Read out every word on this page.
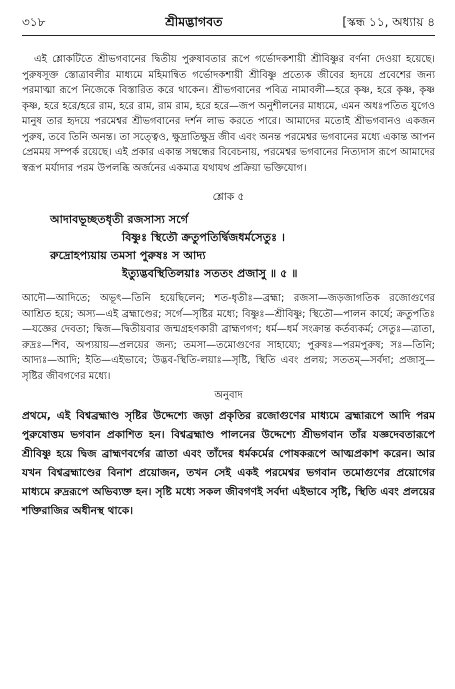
৩১৮	শ্রীমদ্ভাগবত	[স্কন্ধ ১১, অধ্যায় ৪

এই শ্লোকটিতে শ্রীভগবানের দ্বিতীয় পুরুষাবতার রূপে গর্ভোদকশায়ী শ্রীবিষ্ণুর বর্ণনা দেওয়া হয়েছে। পুরুষসূক্ত স্তোত্রাবলীর মাধ্যমে মহিমান্বিত গর্ভোদকশায়ী শ্রীবিষ্ণু প্রত্যেক জীবের হৃদয়ে প্রবেশের জন্য পরমাত্মা রূপে নিজেকে বিস্তারিত করে থাকেন। শ্রীভগবানের পবিত্র নামাবলী—হরে কৃষ্ণ, হরে কৃষ্ণ, কৃষ্ণ কৃষ্ণ, হরে হরে/হরে রাম, হরে রাম, রাম রাম, হরে হরে—জপ অনুশীলনের মাধ্যমে, এমন অধঃপতিত যুগেও মানুষ তার হৃদয়ে পরমেশ্বর শ্রীভগবানের দর্শন লাভ করতে পারে। আমাদের মতোই শ্রীভগবানও একজন পুরুষ, তবে তিনি অনন্ত। তা সত্ত্বেও, ক্ষুদ্রাতিক্ষুদ্র জীব এবং অনন্ত পরমেশ্বর ভগবানের মধ্যে একান্ত আপন প্রেমময় সম্পর্ক রয়েছে। এই প্রকার একান্ত সম্বন্ধের বিবেচনায়, পরমেশ্বর ভগবানের নিত্যদাস রূপে আমাদের স্বরূপ মর্যাদার পরম উপলব্ধি অর্জনের একমাত্র যথাযথ প্রক্রিয়া ভক্তিযোগ।

শ্লোক ৫
আদাবভূচ্ছতধৃতী রজসাস্য সর্গে
বিষ্ণুঃ স্থিতৌ ক্রতুপতির্দ্বিজধর্মসেতুঃ ।
রুদ্রোহপ্যয়ায় তমসা পুরুষঃ স আদ্য
ইত্যুদ্ভবস্থিতিলয়াঃ সততং প্রজাসু ॥ ৫ ॥

আদৌ—আদিতে; অভূৎ—তিনি হয়েছিলেন; শত-ধৃতীঃ—ব্রহ্মা; রজসা—জড়জাগতিক রজোগুণের আশ্রিত হয়ে; অস্য—এই ব্রহ্মাণ্ডের; সর্গে—সৃষ্টির মধ্যে; বিষ্ণুঃ—শ্রীবিষ্ণু; স্থিতৌ—পালন কার্যে; ক্রতুপতিঃ—যজ্ঞের দেবতা; দ্বিজ—দ্বিতীয়বার জন্মগ্রহণকারী ব্রাহ্মণগণ; ধর্ম—ধর্ম সংক্রান্ত কর্তব্যকর্ম; সেতুঃ—ত্রাতা, রুদ্রঃ—শিব, অপ্যয়ায়—প্রলয়ের জন্য; তমসা—তমোগুণের সাহায্যে; পুরুষঃ—পরমপুরুষ; সঃ—তিনি; আদ্যঃ—আদি; ইতি—এইভাবে; উদ্ভব-স্থিতি-লয়াঃ—সৃষ্টি, স্থিতি এবং প্রলয়; সততম্—সর্বদা; প্রজাসু—সৃষ্টির জীবগণের মধ্যে।

অনুবাদ

প্রথমে, এই বিশ্বব্রহ্মাণ্ড সৃষ্টির উদ্দেশ্যে জড়া প্রকৃতির রজোগুণের মাধ্যমে ব্রহ্মারূপে আদি পরম পুরুষোত্তম ভগবান প্রকাশিত হন। বিশ্বব্রহ্মাণ্ড পালনের উদ্দেশ্যে শ্রীভগবান তাঁর যজ্ঞদেবতারূপে শ্রীবিষ্ণু হয়ে দ্বিজ ব্রাহ্মণবর্গের ত্রাতা এবং তাঁদের ধর্মকর্মের পোষকরূপে আত্মপ্রকাশ করেন। আর যখন বিশ্বব্রহ্মাণ্ডের বিনাশ প্রয়োজন, তখন সেই একই পরমেশ্বর ভগবান তমোগুণের প্রয়োগের মাধ্যমে রুদ্ররূপে অভিব্যক্ত হন। সৃষ্টি মধ্যে সকল জীবগণই সর্বদা এইভাবে সৃষ্টি, স্থিতি এবং প্রলয়ের শক্তিরাজির অধীনস্থ থাকে।
